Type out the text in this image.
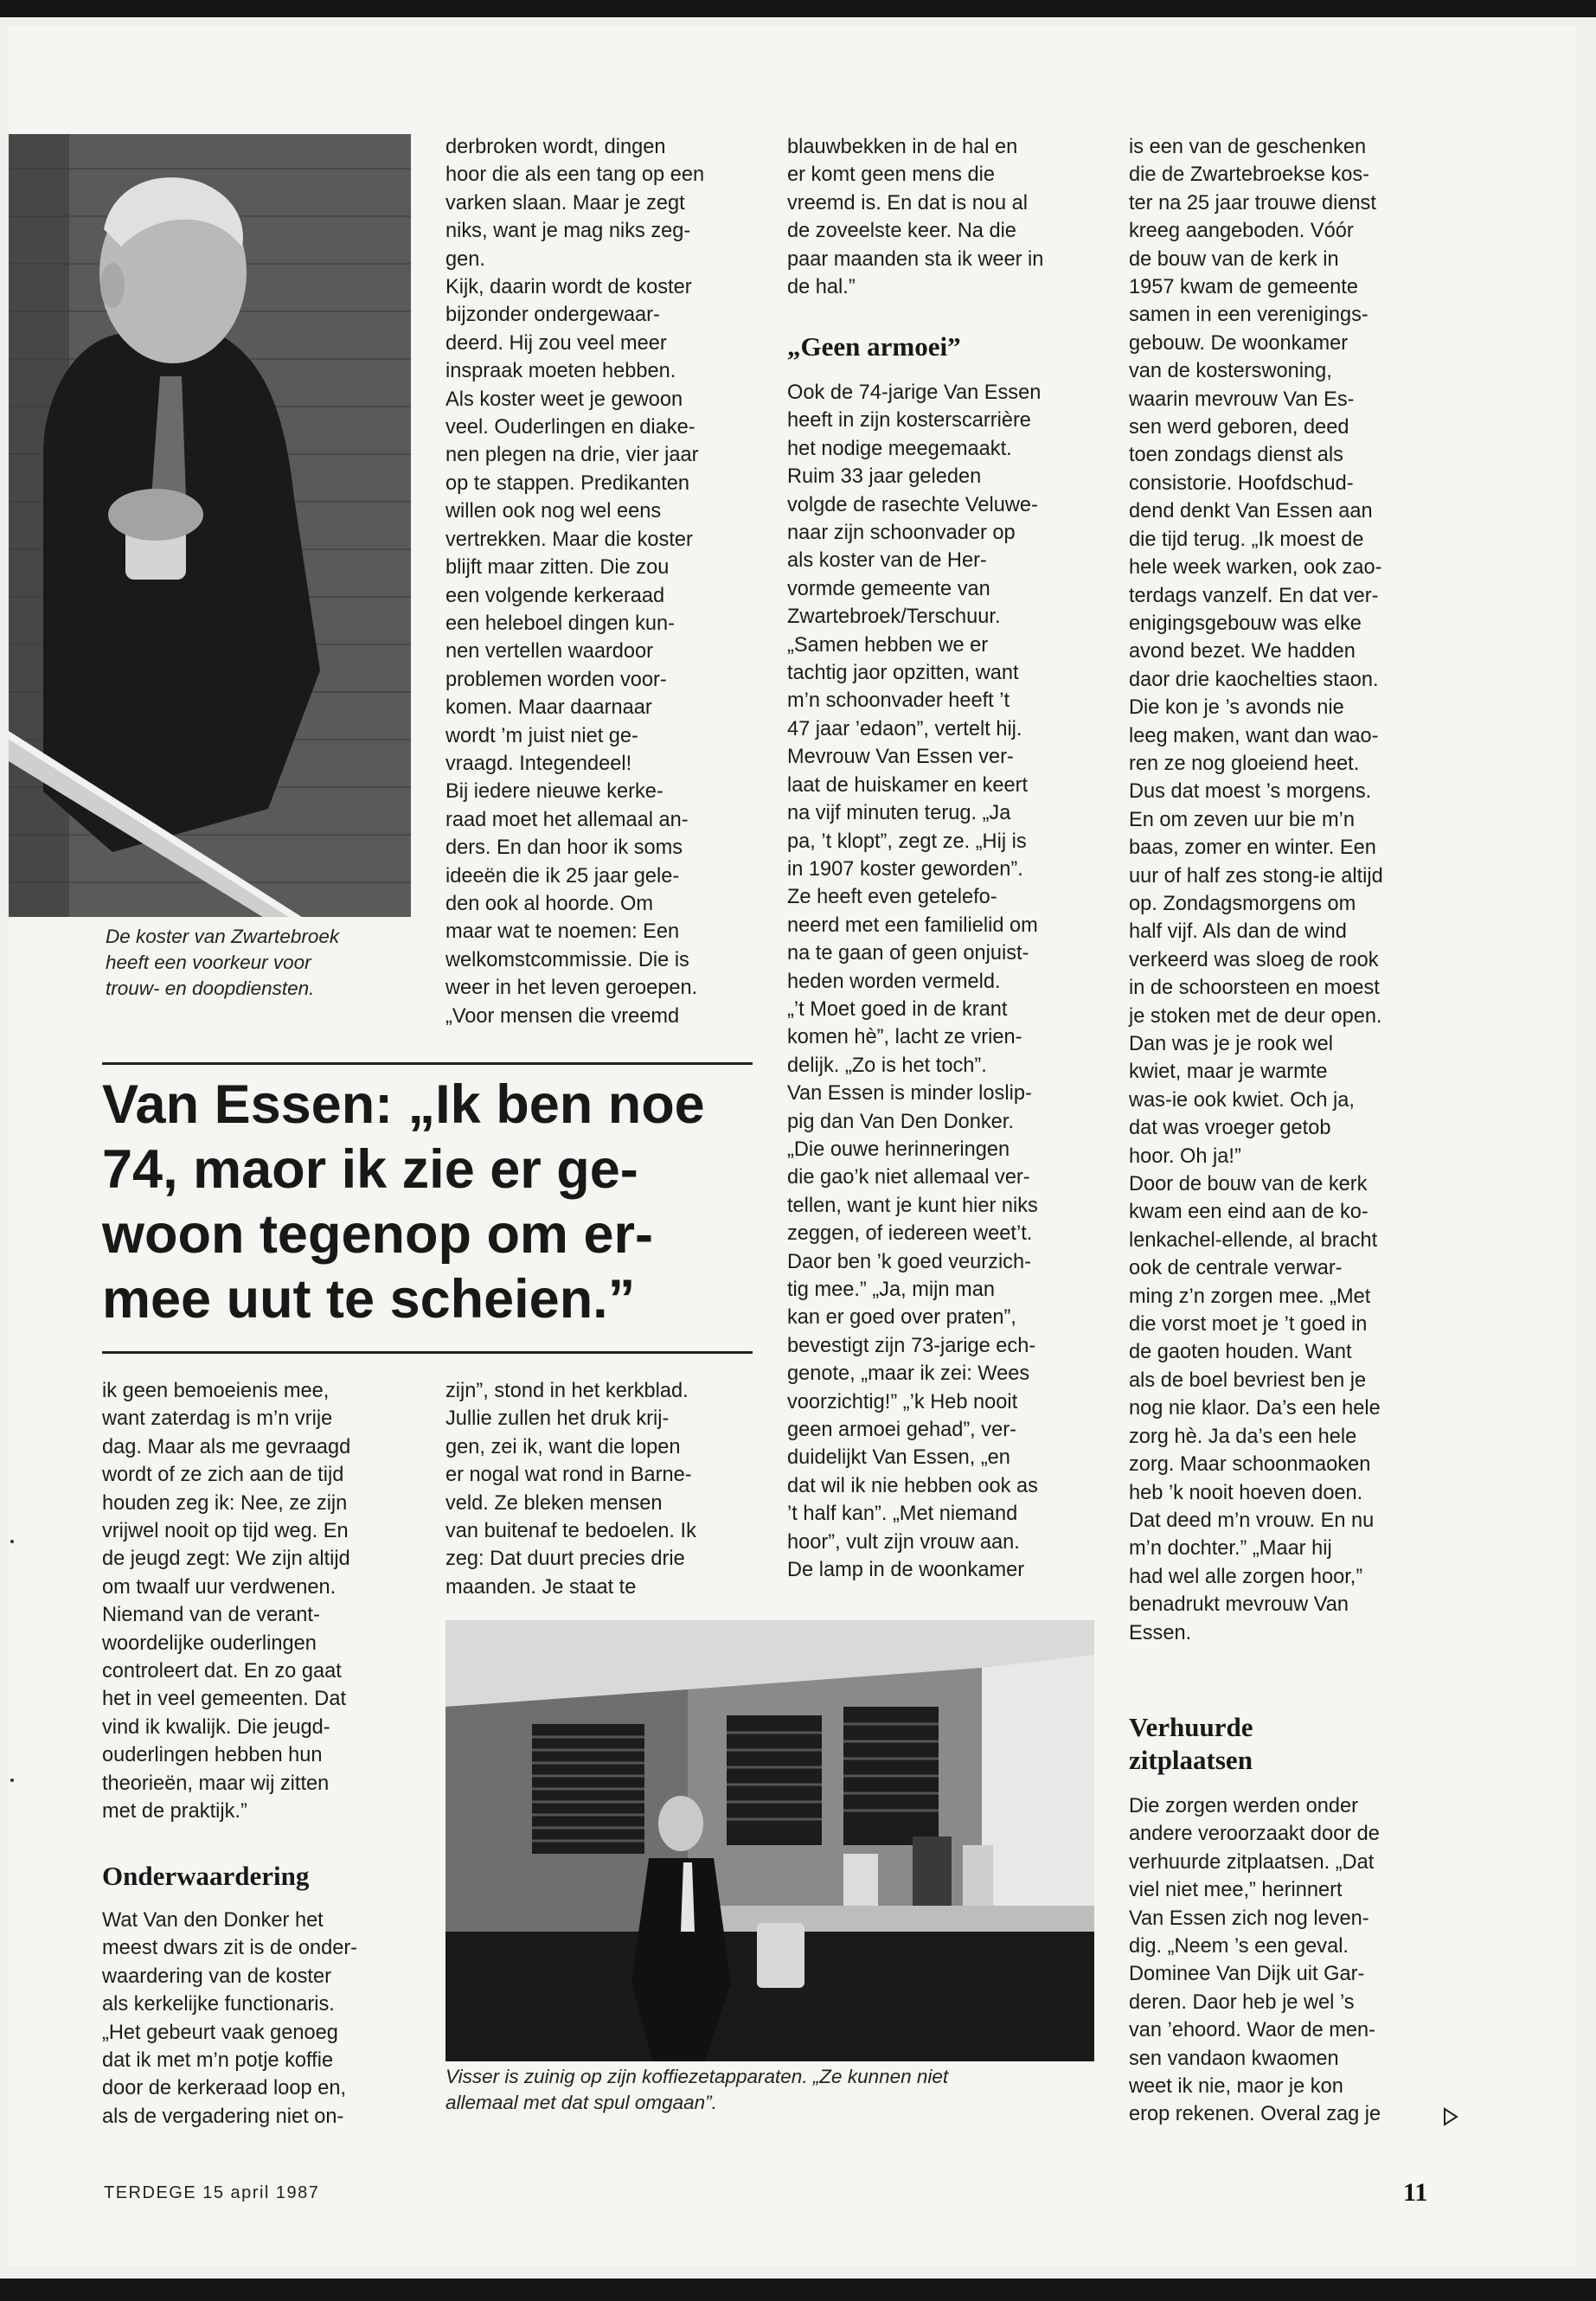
De koster van Zwartebroek
heeft een voorkeur voor
trouw- en doopdiensten.

derbroken wordt, dingen
hoor die als een tang op een
varken slaan. Maar je zegt
niks, want je mag niks zeg-
gen.
Kijk, daarin wordt de koster
bijzonder ondergewaar-
deerd. Hij zou veel meer
inspraak moeten hebben.
Als koster weet je gewoon
veel. Ouderlingen en diake-
nen plegen na drie, vier jaar
op te stappen. Predikanten
willen ook nog wel eens
vertrekken. Maar die koster
blijft maar zitten. Die zou
een volgende kerkeraad
een heleboel dingen kun-
nen vertellen waardoor
problemen worden voor-
komen. Maar daarnaar
wordt ’m juist niet ge-
vraagd. Integendeel!
Bij iedere nieuwe kerke-
raad moet het allemaal an-
ders. En dan hoor ik soms
ideeën die ik 25 jaar gele-
den ook al hoorde. Om
maar wat te noemen: Een
welkomstcommissie. Die is
weer in het leven geroepen.
„Voor mensen die vreemd

blauwbekken in de hal en
er komt geen mens die
vreemd is. En dat is nou al
de zoveelste keer. Na die
paar maanden sta ik weer in
de hal.”

„Geen armoei”

Ook de 74-jarige Van Essen
heeft in zijn kosterscarrière
het nodige meegemaakt.
Ruim 33 jaar geleden
volgde de rasechte Veluwe-
naar zijn schoonvader op
als koster van de Her-
vormde gemeente van
Zwartebroek/Terschuur.
„Samen hebben we er
tachtig jaor opzitten, want
m’n schoonvader heeft ’t
47 jaar ’edaon”, vertelt hij.
Mevrouw Van Essen ver-
laat de huiskamer en keert
na vijf minuten terug. „Ja
pa, ’t klopt”, zegt ze. „Hij is
in 1907 koster geworden”.
Ze heeft even getelefo-
neerd met een familielid om
na te gaan of geen onjuist-
heden worden vermeld.
„’t Moet goed in de krant
komen hè”, lacht ze vrien-
delijk. „Zo is het toch”.
Van Essen is minder loslip-
pig dan Van Den Donker.
„Die ouwe herinneringen
die gao’k niet allemaal ver-
tellen, want je kunt hier niks
zeggen, of iedereen weet’t.
Daor ben ’k goed veurzich-
tig mee.” „Ja, mijn man
kan er goed over praten”,
bevestigt zijn 73-jarige ech-
genote, „maar ik zei: Wees
voorzichtig!” „’k Heb nooit
geen armoei gehad”, ver-
duidelijkt Van Essen, „en
dat wil ik nie hebben ook as
’t half kan”. „Met niemand
hoor”, vult zijn vrouw aan.
De lamp in de woonkamer

is een van de geschenken
die de Zwartebroekse kos-
ter na 25 jaar trouwe dienst
kreeg aangeboden. Vóór
de bouw van de kerk in
1957 kwam de gemeente
samen in een verenigings-
gebouw. De woonkamer
van de kosterswoning,
waarin mevrouw Van Es-
sen werd geboren, deed
toen zondags dienst als
consistorie. Hoofdschud-
dend denkt Van Essen aan
die tijd terug. „Ik moest de
hele week warken, ook zao-
terdags vanzelf. En dat ver-
enigingsgebouw was elke
avond bezet. We hadden
daor drie kaochelties staon.
Die kon je ’s avonds nie
leeg maken, want dan wao-
ren ze nog gloeiend heet.
Dus dat moest ’s morgens.
En om zeven uur bie m’n
baas, zomer en winter. Een
uur of half zes stong-ie altijd
op. Zondagsmorgens om
half vijf. Als dan de wind
verkeerd was sloeg de rook
in de schoorsteen en moest
je stoken met de deur open.
Dan was je je rook wel
kwiet, maar je warmte
was-ie ook kwiet. Och ja,
dat was vroeger getob
hoor. Oh ja!”
Door de bouw van de kerk
kwam een eind aan de ko-
lenkachel-ellende, al bracht
ook de centrale verwar-
ming z’n zorgen mee. „Met
die vorst moet je ’t goed in
de gaoten houden. Want
als de boel bevriest ben je
nog nie klaor. Da’s een hele
zorg hè. Ja da’s een hele
zorg. Maar schoonmaoken
heb ’k nooit hoeven doen.
Dat deed m’n vrouw. En nu
m’n dochter.” „Maar hij
had wel alle zorgen hoor,”
benadrukt mevrouw Van
Essen.

Verhuurde
zitplaatsen

Die zorgen werden onder
andere veroorzaakt door de
verhuurde zitplaatsen. „Dat
viel niet mee,” herinnert
Van Essen zich nog leven-
dig. „Neem ’s een geval.
Dominee Van Dijk uit Gar-
deren. Daor heb je wel ’s
van ’ehoord. Waor de men-
sen vandaon kwaomen
weet ik nie, maor je kon
erop rekenen. Overal zag je

Van Essen: „Ik ben noe
74, maor ik zie er ge-
woon tegenop om er-
mee uut te scheien.”

ik geen bemoeienis mee,
want zaterdag is m’n vrije
dag. Maar als me gevraagd
wordt of ze zich aan de tijd
houden zeg ik: Nee, ze zijn
vrijwel nooit op tijd weg. En
de jeugd zegt: We zijn altijd
om twaalf uur verdwenen.
Niemand van de verant-
woordelijke ouderlingen
controleert dat. En zo gaat
het in veel gemeenten. Dat
vind ik kwalijk. Die jeugd-
ouderlingen hebben hun
theorieën, maar wij zitten
met de praktijk.”

Onderwaardering

Wat Van den Donker het
meest dwars zit is de onder-
waardering van de koster
als kerkelijke functionaris.
„Het gebeurt vaak genoeg
dat ik met m’n potje koffie
door de kerkeraad loop en,
als de vergadering niet on-

zijn”, stond in het kerkblad.
Jullie zullen het druk krij-
gen, zei ik, want die lopen
er nogal wat rond in Barne-
veld. Ze bleken mensen
van buitenaf te bedoelen. Ik
zeg: Dat duurt precies drie
maanden. Je staat te

Visser is zuinig op zijn koffiezetapparaten. „Ze kunnen niet
allemaal met dat spul omgaan”.

TERDEGE 15 april 1987	11
